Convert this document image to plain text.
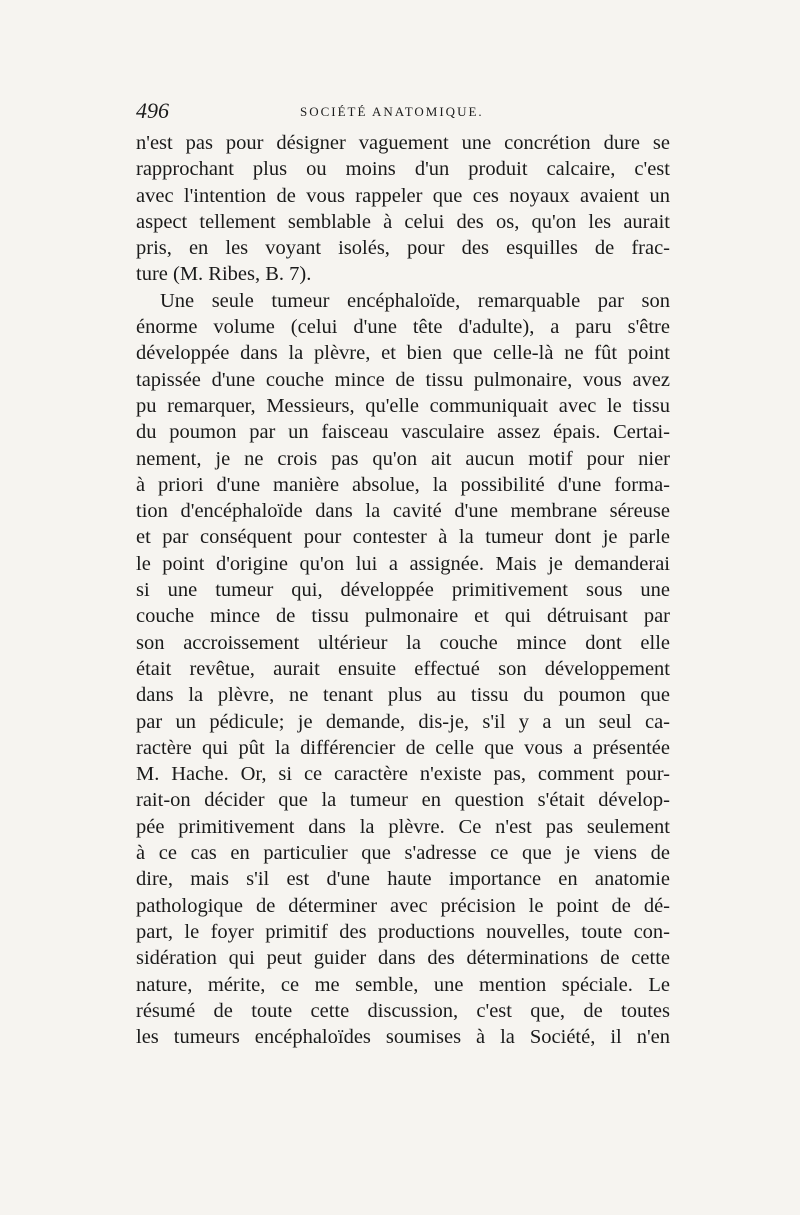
496	SOCIÉTÉ ANATOMIQUE.
n'est pas pour désigner vaguement une concrétion dure se
rapprochant plus ou moins d'un produit calcaire, c'est
avec l'intention de vous rappeler que ces noyaux avaient un
aspect tellement semblable à celui des os, qu'on les aurait
pris, en les voyant isolés, pour des esquilles de frac-
ture (M. Ribes, B. 7).
Une seule tumeur encéphaloïde, remarquable par son
énorme volume (celui d'une tête d'adulte), a paru s'être
développée dans la plèvre, et bien que celle-là ne fût point
tapissée d'une couche mince de tissu pulmonaire, vous avez
pu remarquer, Messieurs, qu'elle communiquait avec le tissu
du poumon par un faisceau vasculaire assez épais. Certai-
nement, je ne crois pas qu'on ait aucun motif pour nier
à priori d'une manière absolue, la possibilité d'une forma-
tion d'encéphaloïde dans la cavité d'une membrane séreuse
et par conséquent pour contester à la tumeur dont je parle
le point d'origine qu'on lui a assignée. Mais je demanderai
si une tumeur qui, développée primitivement sous une
couche mince de tissu pulmonaire et qui détruisant par
son accroissement ultérieur la couche mince dont elle
était revêtue, aurait ensuite effectué son développement
dans la plèvre, ne tenant plus au tissu du poumon que
par un pédicule; je demande, dis-je, s'il y a un seul ca-
ractère qui pût la différencier de celle que vous a présentée
M. Hache. Or, si ce caractère n'existe pas, comment pour-
rait-on décider que la tumeur en question s'était dévelop-
pée primitivement dans la plèvre. Ce n'est pas seulement
à ce cas en particulier que s'adresse ce que je viens de
dire, mais s'il est d'une haute importance en anatomie
pathologique de déterminer avec précision le point de dé-
part, le foyer primitif des productions nouvelles, toute con-
sidération qui peut guider dans des déterminations de cette
nature, mérite, ce me semble, une mention spéciale. Le
résumé de toute cette discussion, c'est que, de toutes
les tumeurs encéphaloïdes soumises à la Société, il n'en
